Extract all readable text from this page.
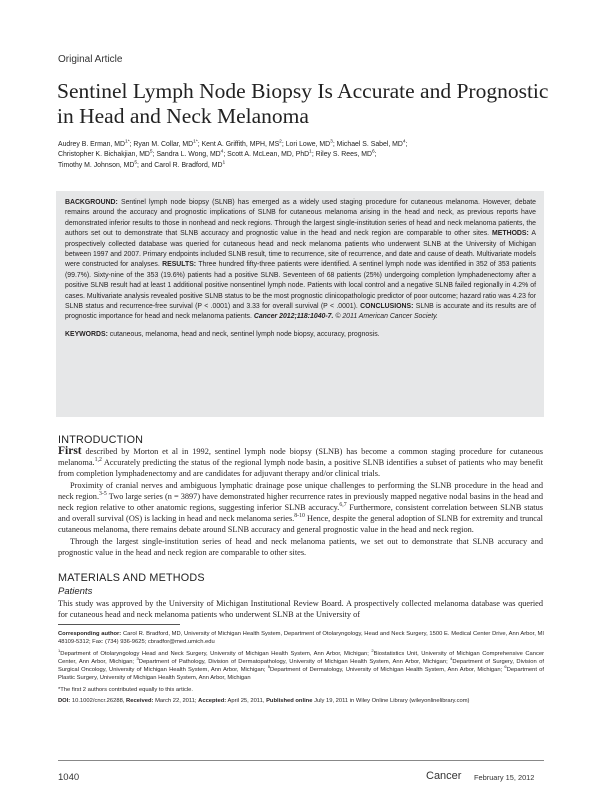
Original Article
Sentinel Lymph Node Biopsy Is Accurate and Prognostic in Head and Neck Melanoma
Audrey B. Erman, $MD^{1*}$; Ryan M. Collar, $MD^{1*}$; Kent A. Griffith, MPH, $MS^2$; Lori Lowe, $MD^3$; Michael S. Sabel, $MD^4$;
Christopher K. Bichakjian, $MD^5$; Sandra L. Wong, $MD^4$; Scott A. McLean, MD, PhD$^1$; Riley S. Rees, $MD^6$;
Timothy M. Johnson, $MD^5$; and Carol R. Bradford, $MD^1$
BACKGROUND: Sentinel lymph node biopsy (SLNB) has emerged as a widely used staging procedure for cutaneous melanoma. However, debate remains around the accuracy and prognostic implications of SLNB for cutaneous melanoma arising in the head and neck, as previous reports have demonstrated inferior results to those in nonhead and neck regions. Through the largest single-institution series of head and neck melanoma patients, the authors set out to demonstrate that SLNB accuracy and prognostic value in the head and neck region are comparable to other sites. METHODS: A prospectively collected database was queried for cutaneous head and neck melanoma patients who underwent SLNB at the University of Michigan between 1997 and 2007. Primary endpoints included SLNB result, time to recurrence, site of recurrence, and date and cause of death. Multivariate models were constructed for analyses. RESULTS: Three hundred fifty-three patients were identified. A sentinel lymph node was identified in 352 of 353 patients (99.7%). Sixty-nine of the 353 (19.6%) patients had a positive SLNB. Seventeen of 68 patients (25%) undergoing completion lymphadenectomy after a positive SLNB result had at least 1 additional positive nonsentinel lymph node. Patients with local control and a negative SLNB failed regionally in 4.2% of cases. Multivariate analysis revealed positive SLNB status to be the most prognostic clinicopathologic predictor of poor outcome; hazard ratio was 4.23 for SLNB status and recurrence-free survival (P < .0001) and 3.33 for overall survival (P < .0001). CONCLUSIONS: SLNB is accurate and its results are of prognostic importance for head and neck melanoma patients. Cancer 2012;118:1040-7. © 2011 American Cancer Society.
KEYWORDS: cutaneous, melanoma, head and neck, sentinel lymph node biopsy, accuracy, prognosis.
INTRODUCTION

First described by Morton et al in 1992, sentinel lymph node biopsy (SLNB) has become a common staging procedure for cutaneous melanoma.$^{1,2}$ Accurately predicting the status of the regional lymph node basin, a positive SLNB identifies a subset of patients who may benefit from completion lymphadenectomy and are candidates for adjuvant therapy and/or clinical trials.

Proximity of cranial nerves and ambiguous lymphatic drainage pose unique challenges to performing the SLNB procedure in the head and neck region.$^{3-5}$ Two large series (n = 3897) have demonstrated higher recurrence rates in previously mapped negative nodal basins in the head and neck region relative to other anatomic regions, suggesting inferior SLNB accuracy.$^{6,7}$ Furthermore, consistent correlation between SLNB status and overall survival (OS) is lacking in head and neck melanoma series.$^{8-10}$ Hence, despite the general adoption of SLNB for extremity and truncal cutaneous melanoma, there remains debate around SLNB accuracy and general prognostic value in the head and neck region.

Through the largest single-institution series of head and neck melanoma patients, we set out to demonstrate that SLNB accuracy and prognostic value in the head and neck region are comparable to other sites.

MATERIALS AND METHODS
Patients

This study was approved by the University of Michigan Institutional Review Board. A prospectively collected melanoma database was queried for cutaneous head and neck melanoma patients who underwent SLNB at the University of

Corresponding author: Carol R. Bradford, MD, University of Michigan Health System, Department of Otolaryngology, Head and Neck Surgery, 1500 E. Medical Center Drive, Ann Arbor, MI 48109-5312; Fax: (734) 936-9625; cbradfor@med.umich.edu

$^1$Department of Otolaryngology Head and Neck Surgery, University of Michigan Health System, Ann Arbor, Michigan; $^2$Biostatistics Unit, University of Michigan Comprehensive Cancer Center, Ann Arbor, Michigan; $^3$Department of Pathology, Division of Dermatopathology, University of Michigan Health System, Ann Arbor, Michigan; $^4$Department of Surgery, Division of Surgical Oncology, University of Michigan Health System, Ann Arbor, Michigan; $^5$Department of Dermatology, University of Michigan Health System, Ann Arbor, Michigan; $^6$Department of Plastic Surgery, University of Michigan Health System, Ann Arbor, Michigan

*The first 2 authors contributed equally to this article.

DOI: 10.1002/cncr.26288, Received: March 22, 2011; Accepted: April 25, 2011, Published online July 19, 2011 in Wiley Online Library (wileyonlinelibrary.com)

1040	Cancer February 15, 2012
